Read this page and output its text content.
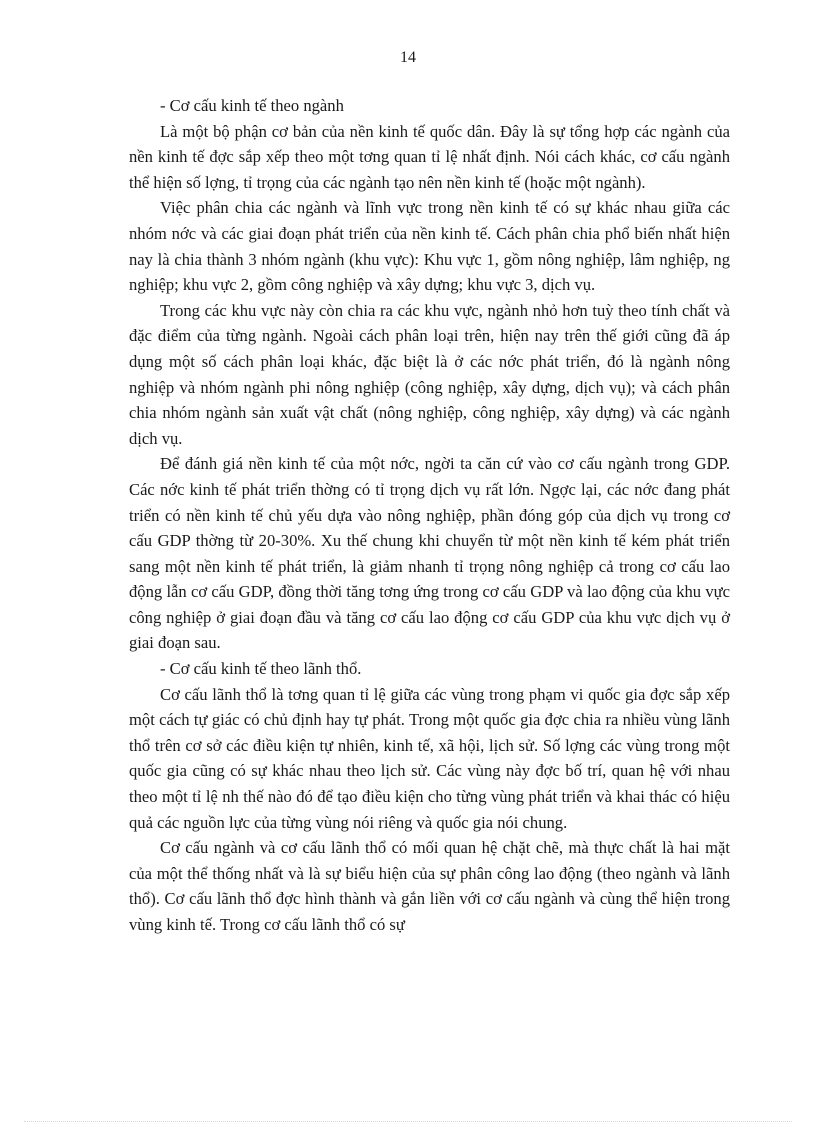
14

- Cơ cấu kinh tế theo ngành

Là một bộ phận cơ bản của nền kinh tế quốc dân. Đây là sự tổng hợp các ngành của nền kinh tế đợc sắp xếp theo một tơng quan tỉ lệ nhất định. Nói cách khác, cơ cấu ngành thể hiện số lợng, tỉ trọng của các ngành tạo nên nền kinh tế (hoặc một ngành).

Việc phân chia các ngành và lĩnh vực trong nền kinh tế có sự khác nhau giữa các nhóm nớc và các giai đoạn phát triển của nền kinh tế. Cách phân chia phổ biến nhất hiện nay là chia thành 3 nhóm ngành (khu vực): Khu vực 1, gồm nông nghiệp, lâm nghiệp, ng nghiệp; khu vực 2, gồm công nghiệp và xây dựng; khu vực 3, dịch vụ.

Trong các khu vực này còn chia ra các khu vực, ngành nhỏ hơn tuỳ theo tính chất và đặc điểm của từng ngành. Ngoài cách phân loại trên, hiện nay trên thế giới cũng đã áp dụng một số cách phân loại khác, đặc biệt là ở các nớc phát triển, đó là ngành nông nghiệp và nhóm ngành phi nông nghiệp (công nghiệp, xây dựng, dịch vụ); và cách phân chia nhóm ngành sản xuất vật chất (nông nghiệp, công nghiệp, xây dựng) và các ngành dịch vụ.

Để đánh giá nền kinh tế của một nớc, ngời ta căn cứ vào cơ cấu ngành trong GDP. Các nớc kinh tế phát triển thờng có tỉ trọng dịch vụ rất lớn. Ngợc lại, các nớc đang phát triển có nền kinh tế chủ yếu dựa vào nông nghiệp, phần đóng góp của dịch vụ trong cơ cấu GDP thờng từ 20-30%. Xu thế chung khi chuyển từ một nền kinh tế kém phát triển sang một nền kinh tế phát triển, là giảm nhanh tỉ trọng nông nghiệp cả trong cơ cấu lao động lẫn cơ cấu GDP, đồng thời tăng tơng ứng trong cơ cấu GDP và lao động của khu vực công nghiệp ở giai đoạn đầu và tăng cơ cấu lao động cơ cấu GDP của khu vực dịch vụ ở giai đoạn sau.

- Cơ cấu kinh tế theo lãnh thổ.

Cơ cấu lãnh thổ là tơng quan tỉ lệ giữa các vùng trong phạm vi quốc gia đợc sắp xếp một cách tự giác có chủ định hay tự phát. Trong một quốc gia đợc chia ra nhiều vùng lãnh thổ trên cơ sở các điều kiện tự nhiên, kinh tế, xã hội, lịch sử. Số lợng các vùng trong một quốc gia cũng có sự khác nhau theo lịch sử. Các vùng này đợc bố trí, quan hệ với nhau theo một tỉ lệ nh thế nào đó để tạo điều kiện cho từng vùng phát triển và khai thác có hiệu quả các nguồn lực của từng vùng nói riêng và quốc gia nói chung.

Cơ cấu ngành và cơ cấu lãnh thổ có mối quan hệ chặt chẽ, mà thực chất là hai mặt của một thể thống nhất và là sự biểu hiện của sự phân công lao động (theo ngành và lãnh thổ). Cơ cấu lãnh thổ đợc hình thành và gắn liền với cơ cấu ngành và cùng thể hiện trong vùng kinh tế. Trong cơ cấu lãnh thổ có sự
